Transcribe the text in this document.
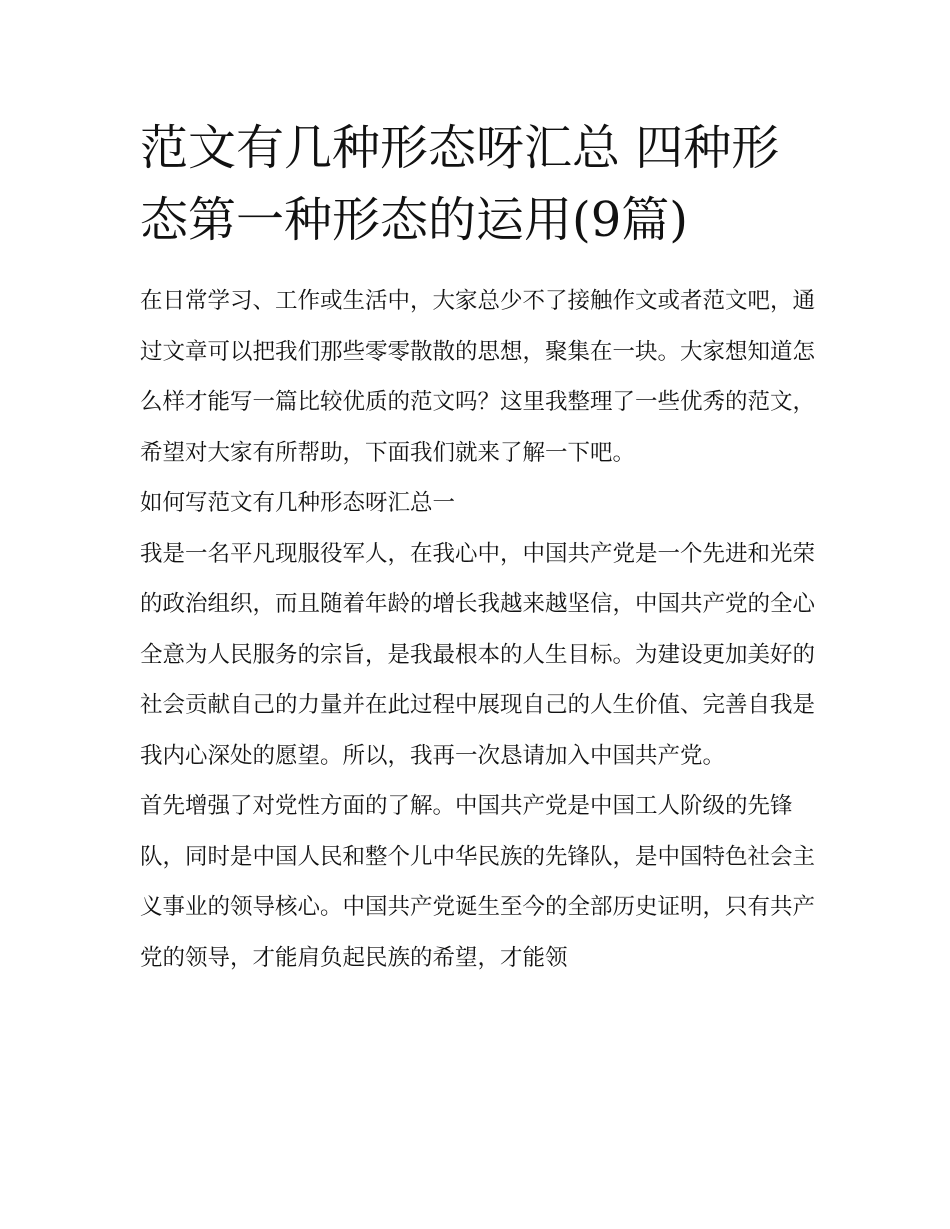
范文有几种形态呀汇总 四种形态第一种形态的运用(9篇)

在日常学习、工作或生活中，大家总少不了接触作文或者范文吧，通过文章可以把我们那些零零散散的思想，聚集在一块。大家想知道怎么样才能写一篇比较优质的范文吗？这里我整理了一些优秀的范文，希望对大家有所帮助，下面我们就来了解一下吧。

如何写范文有几种形态呀汇总一

我是一名平凡现服役军人，在我心中，中国共产党是一个先进和光荣的政治组织，而且随着年龄的增长我越来越坚信，中国共产党的全心全意为人民服务的宗旨，是我最根本的人生目标。为建设更加美好的社会贡献自己的力量并在此过程中展现自己的人生价值、完善自我是我内心深处的愿望。所以，我再一次恳请加入中国共产党。

首先增强了对党性方面的了解。中国共产党是中国工人阶级的先锋队，同时是中国人民和整个儿中华民族的先锋队，是中国特色社会主义事业的领导核心。中国共产党诞生至今的全部历史证明，只有共产党的领导，才能肩负起民族的希望，才能领
